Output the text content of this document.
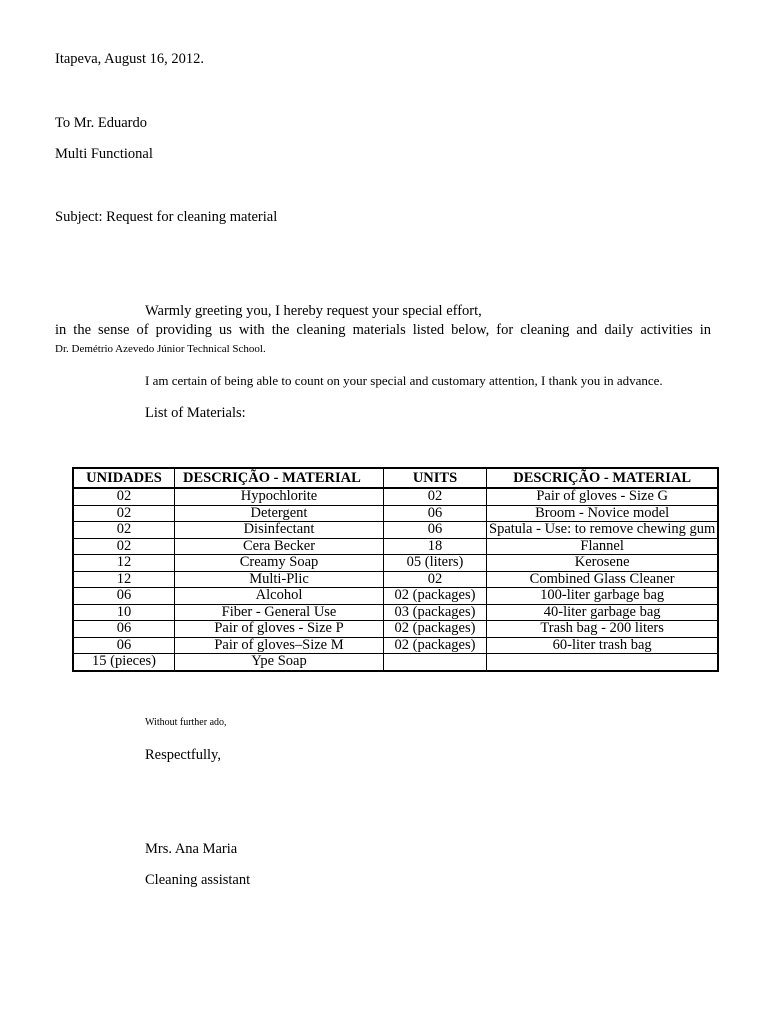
Itapeva, August 16, 2012.
To Mr. Eduardo
Multi Functional
Subject: Request for cleaning material
Warmly greeting you, I hereby request your special effort,
in the sense of providing us with the cleaning materials listed below, for cleaning and daily activities in
Dr. Demétrio Azevedo Júnior Technical School.
I am certain of being able to count on your special and customary attention, I thank you in advance.
List of Materials:
UNIDADES	DESCRIÇÃO - MATERIAL	UNITS	DESCRIÇÃO - MATERIAL
02	Hypochlorite	02	Pair of gloves - Size G
02	Detergent	06	Broom - Novice model
02	Disinfectant	06	Spatula - Use: to remove chewing gum
02	Cera Becker	18	Flannel
12	Creamy Soap	05 (liters)	Kerosene
12	Multi-Plic	02	Combined Glass Cleaner
06	Alcohol	02 (packages)	100-liter garbage bag
10	Fiber - General Use	03 (packages)	40-liter garbage bag
06	Pair of gloves - Size P	02 (packages)	Trash bag - 200 liters
06	Pair of gloves–Size M	02 (packages)	60-liter trash bag
15 (pieces)	Ype Soap		
Without further ado,
Respectfully,
Mrs. Ana Maria
Cleaning assistant
